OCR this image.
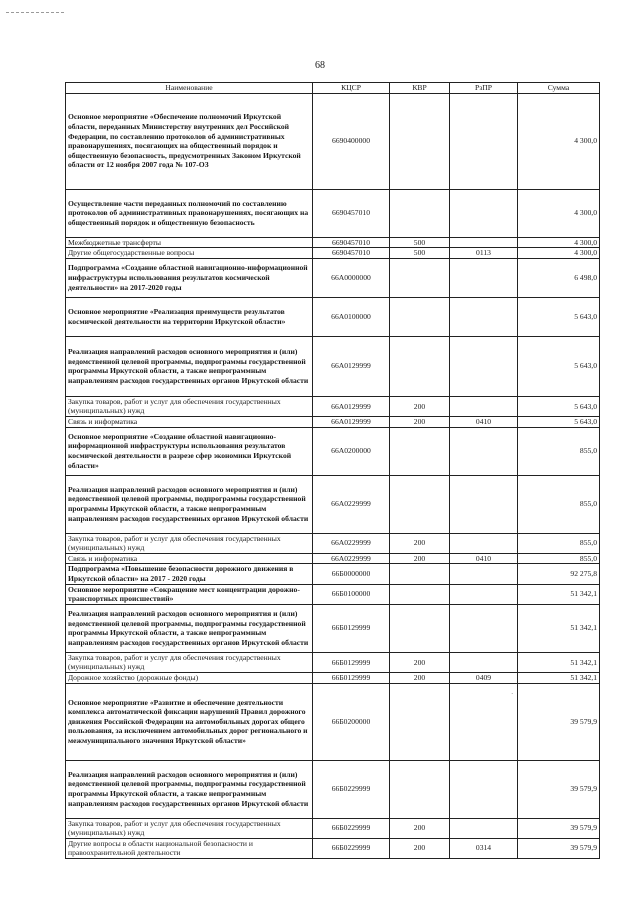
68
Наименование	КЦСР	КВР	РзПР	Сумма
Основное мероприятие «Обеспечение полномочий Иркутской области, переданных Министерству внутренних дел Российской Федерации, по составлению протоколов об административных правонарушениях, посягающих на общественный порядок и общественную безопасность, предусмотренных Законом Иркутской области от 12 ноября 2007 года № 107-ОЗ	6690400000			4 300,0
Осуществление части переданных полномочий по составлению протоколов об административных правонарушениях, посягающих на общественный порядок и общественную безопасность	6690457010			4 300,0
Межбюджетные трансферты	6690457010	500		4 300,0
Другие общегосударственные вопросы	6690457010	500	0113	4 300,0
Подпрограмма «Создание областной навигационно-информационной инфраструктуры использования результатов космической деятельности» на 2017-2020 годы	66А0000000			6 498,0
Основное мероприятие «Реализация преимуществ результатов космической деятельности на территории Иркутской области»	66А0100000			5 643,0
Реализация направлений расходов основного мероприятия и (или) ведомственной целевой программы, подпрограммы государственной программы Иркутской области, а также непрограммным направлениям расходов государственных органов Иркутской области	66А0129999			5 643,0
Закупка товаров, работ и услуг для обеспечения государственных (муниципальных) нужд	66А0129999	200		5 643,0
Связь и информатика	66А0129999	200	0410	5 643,0
Основное мероприятие «Создание областной навигационно-информационной инфраструктуры использования результатов космической деятельности в разрезе сфер экономики Иркутской области»	66А0200000			855,0
Реализация направлений расходов основного мероприятия и (или) ведомственной целевой программы, подпрограммы государственной программы Иркутской области, а также непрограммным направлениям расходов государственных органов Иркутской области	66А0229999			855,0
Закупка товаров, работ и услуг для обеспечения государственных (муниципальных) нужд	66А0229999	200		855,0
Связь и информатика	66А0229999	200	0410	855,0
Подпрограмма «Повышение безопасности дорожного движения в Иркутской области» на 2017 - 2020 годы	66Б0000000			92 275,8
Основное мероприятие «Сокращение мест концентрации дорожно-транспортных происшествий»	66Б0100000			51 342,1
Реализация направлений расходов основного мероприятия и (или) ведомственной целевой программы, подпрограммы государственной программы Иркутской области, а также непрограммным направлениям расходов государственных органов Иркутской области	66Б0129999			51 342,1
Закупка товаров, работ и услуг для обеспечения государственных (муниципальных) нужд	66Б0129999	200		51 342,1
Дорожное хозяйство (дорожные фонды)	66Б0129999	200	0409	51 342,1
Основное мероприятие «Развитие и обеспечение деятельности комплекса автоматической фиксации нарушений Правил дорожного движения Российской Федерации на автомобильных дорогах общего пользования, за исключением автомобильных дорог регионального и межмуниципального значения Иркутской области»	66Б0200000			39 579,9
Реализация направлений расходов основного мероприятия и (или) ведомственной целевой программы, подпрограммы государственной программы Иркутской области, а также непрограммным направлениям расходов государственных органов Иркутской области	66Б0229999			39 579,9
Закупка товаров, работ и услуг для обеспечения государственных (муниципальных) нужд	66Б0229999	200		39 579,9
Другие вопросы в области национальной безопасности и правоохранительной деятельности	66Б0229999	200	0314	39 579,9
·
